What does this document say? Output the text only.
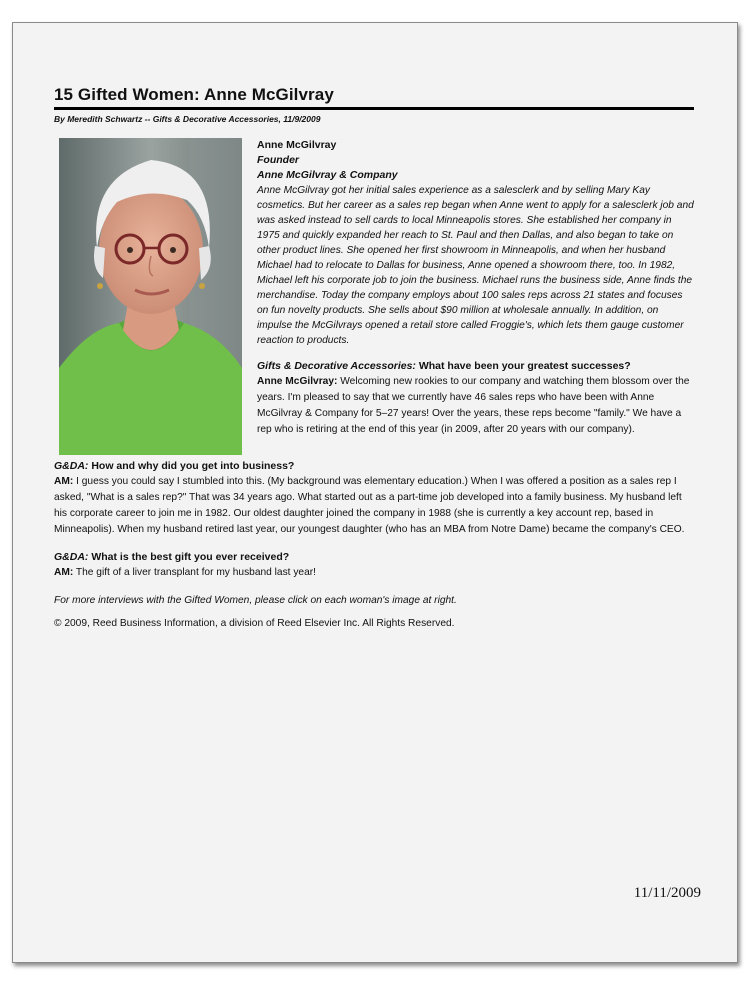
15 Gifted Women: Anne McGilvray
By Meredith Schwartz -- Gifts & Decorative Accessories, 11/9/2009

Anne McGilvray

Founder

Anne McGilvray & Company

Anne McGilvray got her initial sales experience as a salesclerk and by selling Mary Kay cosmetics. But her career as a sales rep began when Anne went to apply for a salesclerk job and was asked instead to sell cards to local Minneapolis stores. She established her company in 1975 and quickly expanded her reach to St. Paul and then Dallas, and also began to take on other product lines. She opened her first showroom in Minneapolis, and when her husband Michael had to relocate to Dallas for business, Anne opened a showroom there, too. In 1982, Michael left his corporate job to join the business. Michael runs the business side, Anne finds the merchandise. Today the company employs about 100 sales reps across 21 states and focuses on fun novelty products. She sells about $90 million at wholesale annually. In addition, on impulse the McGilvrays opened a retail store called Froggie's, which lets them gauge customer reaction to products.

Gifts & Decorative Accessories: What have been your greatest successes?

Anne McGilvray: Welcoming new rookies to our company and watching them blossom over the years. I'm pleased to say that we currently have 46 sales reps who have been with Anne McGilvray & Company for 5–27 years! Over the years, these reps become "family." We have a rep who is retiring at the end of this year (in 2009, after 20 years with our company).

G&DA: How and why did you get into business?

AM: I guess you could say I stumbled into this. (My background was elementary education.) When I was offered a position as a sales rep I asked, "What is a sales rep?" That was 34 years ago. What started out as a part-time job developed into a family business. My husband left his corporate career to join me in 1982. Our oldest daughter joined the company in 1988 (she is currently a key account rep, based in Minneapolis). When my husband retired last year, our youngest daughter (who has an MBA from Notre Dame) became the company's CEO.

G&DA: What is the best gift you ever received?

AM: The gift of a liver transplant for my husband last year!

For more interviews with the Gifted Women, please click on each woman's image at right.

© 2009, Reed Business Information, a division of Reed Elsevier Inc. All Rights Reserved.

11/11/2009
